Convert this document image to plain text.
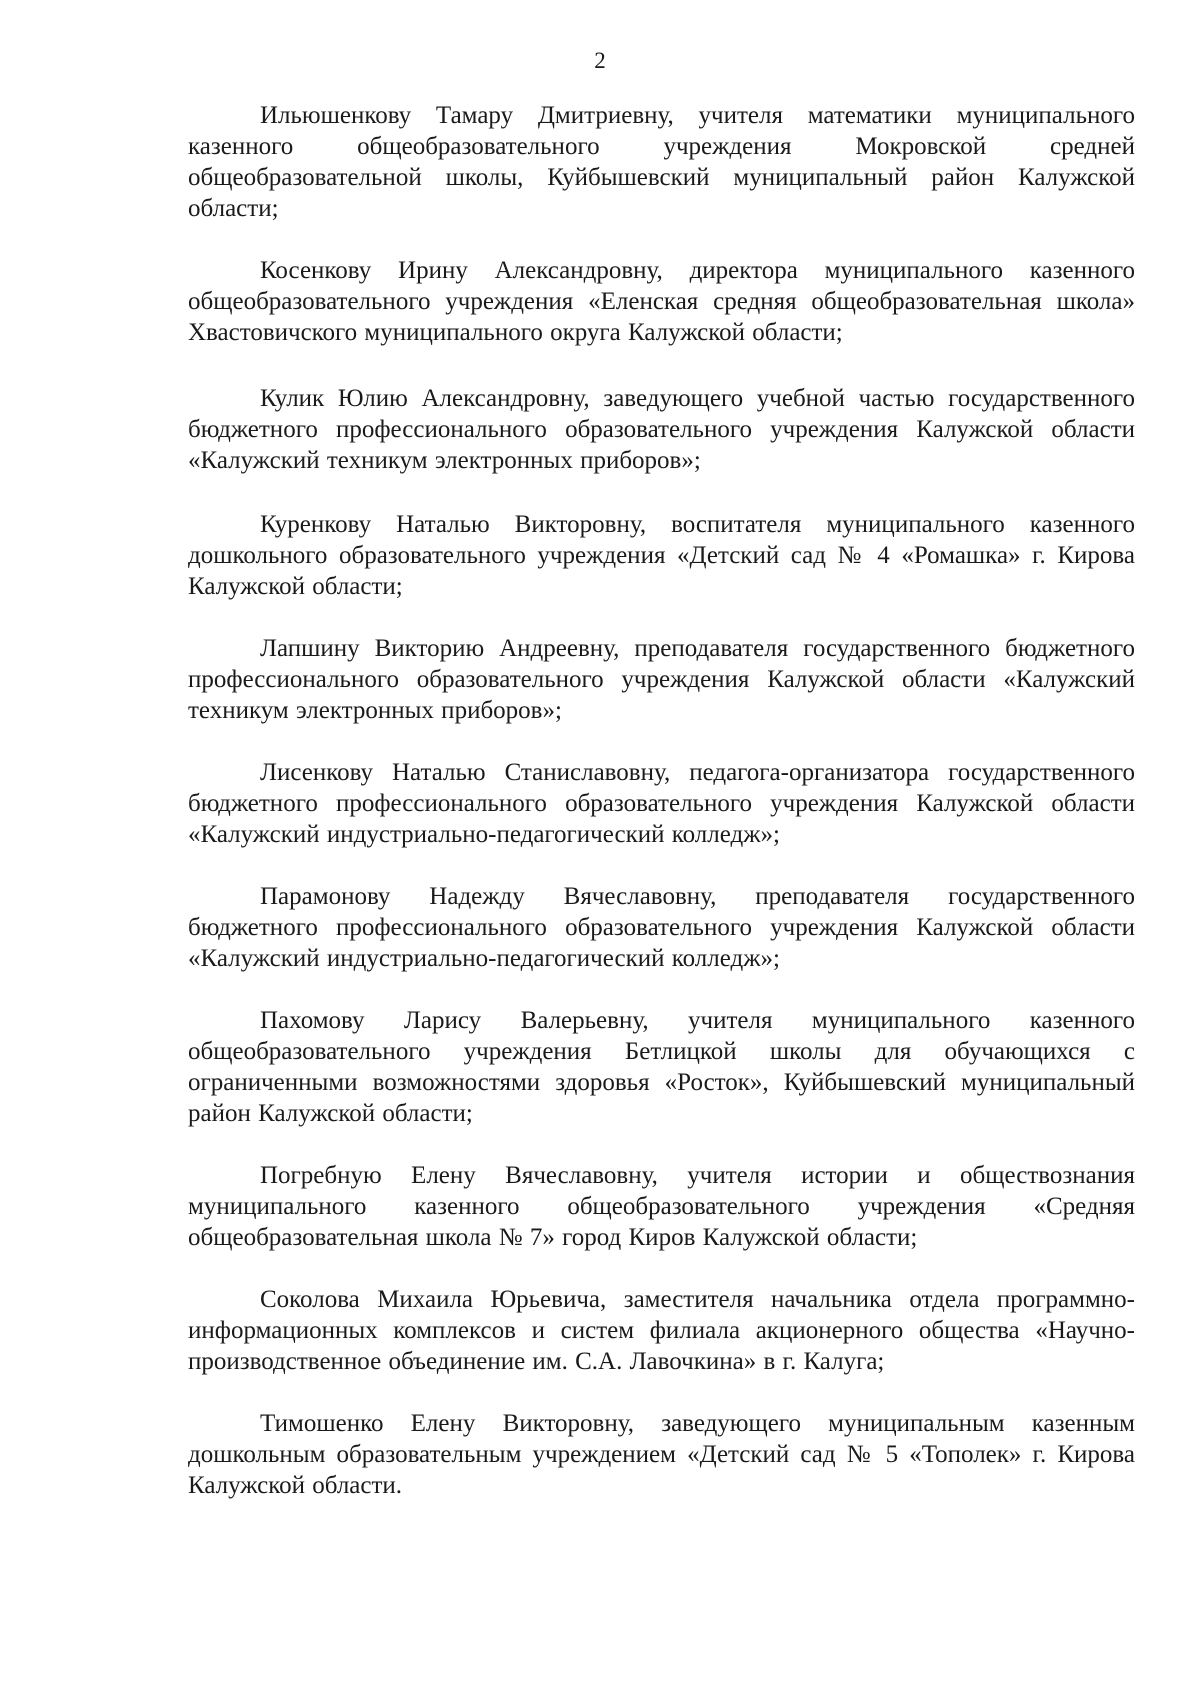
2

Ильюшенкову Тамару Дмитриевну, учителя математики муниципального казенного общеобразовательного учреждения Мокровской средней общеобразовательной школы, Куйбышевский муниципальный район Калужской области;

Косенкову Ирину Александровну, директора муниципального казенного общеобразовательного учреждения «Еленская средняя общеобразовательная школа» Хвастовичского муниципального округа Калужской области;

Кулик Юлию Александровну, заведующего учебной частью государственного бюджетного профессионального образовательного учреждения Калужской области «Калужский техникум электронных приборов»;

Куренкову Наталью Викторовну, воспитателя муниципального казенного дошкольного образовательного учреждения «Детский сад № 4 «Ромашка» г. Кирова Калужской области;

Лапшину Викторию Андреевну, преподавателя государственного бюджетного профессионального образовательного учреждения Калужской области «Калужский техникум электронных приборов»;

Лисенкову Наталью Станиславовну, педагога-организатора государственного бюджетного профессионального образовательного учреждения Калужской области «Калужский индустриально-педагогический колледж»;

Парамонову Надежду Вячеславовну, преподавателя государственного бюджетного профессионального образовательного учреждения Калужской области «Калужский индустриально-педагогический колледж»;

Пахомову Ларису Валерьевну, учителя муниципального казенного общеобразовательного учреждения Бетлицкой школы для обучающихся с ограниченными возможностями здоровья «Росток», Куйбышевский муниципальный район Калужской области;

Погребную Елену Вячеславовну, учителя истории и обществознания муниципального казенного общеобразовательного учреждения «Средняя общеобразовательная школа № 7» город Киров Калужской области;

Соколова Михаила Юрьевича, заместителя начальника отдела программно-информационных комплексов и систем филиала акционерного общества «Научно-производственное объединение им. С.А. Лавочкина» в г. Калуга;

Тимошенко Елену Викторовну, заведующего муниципальным казенным дошкольным образовательным учреждением «Детский сад № 5 «Тополек» г. Кирова Калужской области.
